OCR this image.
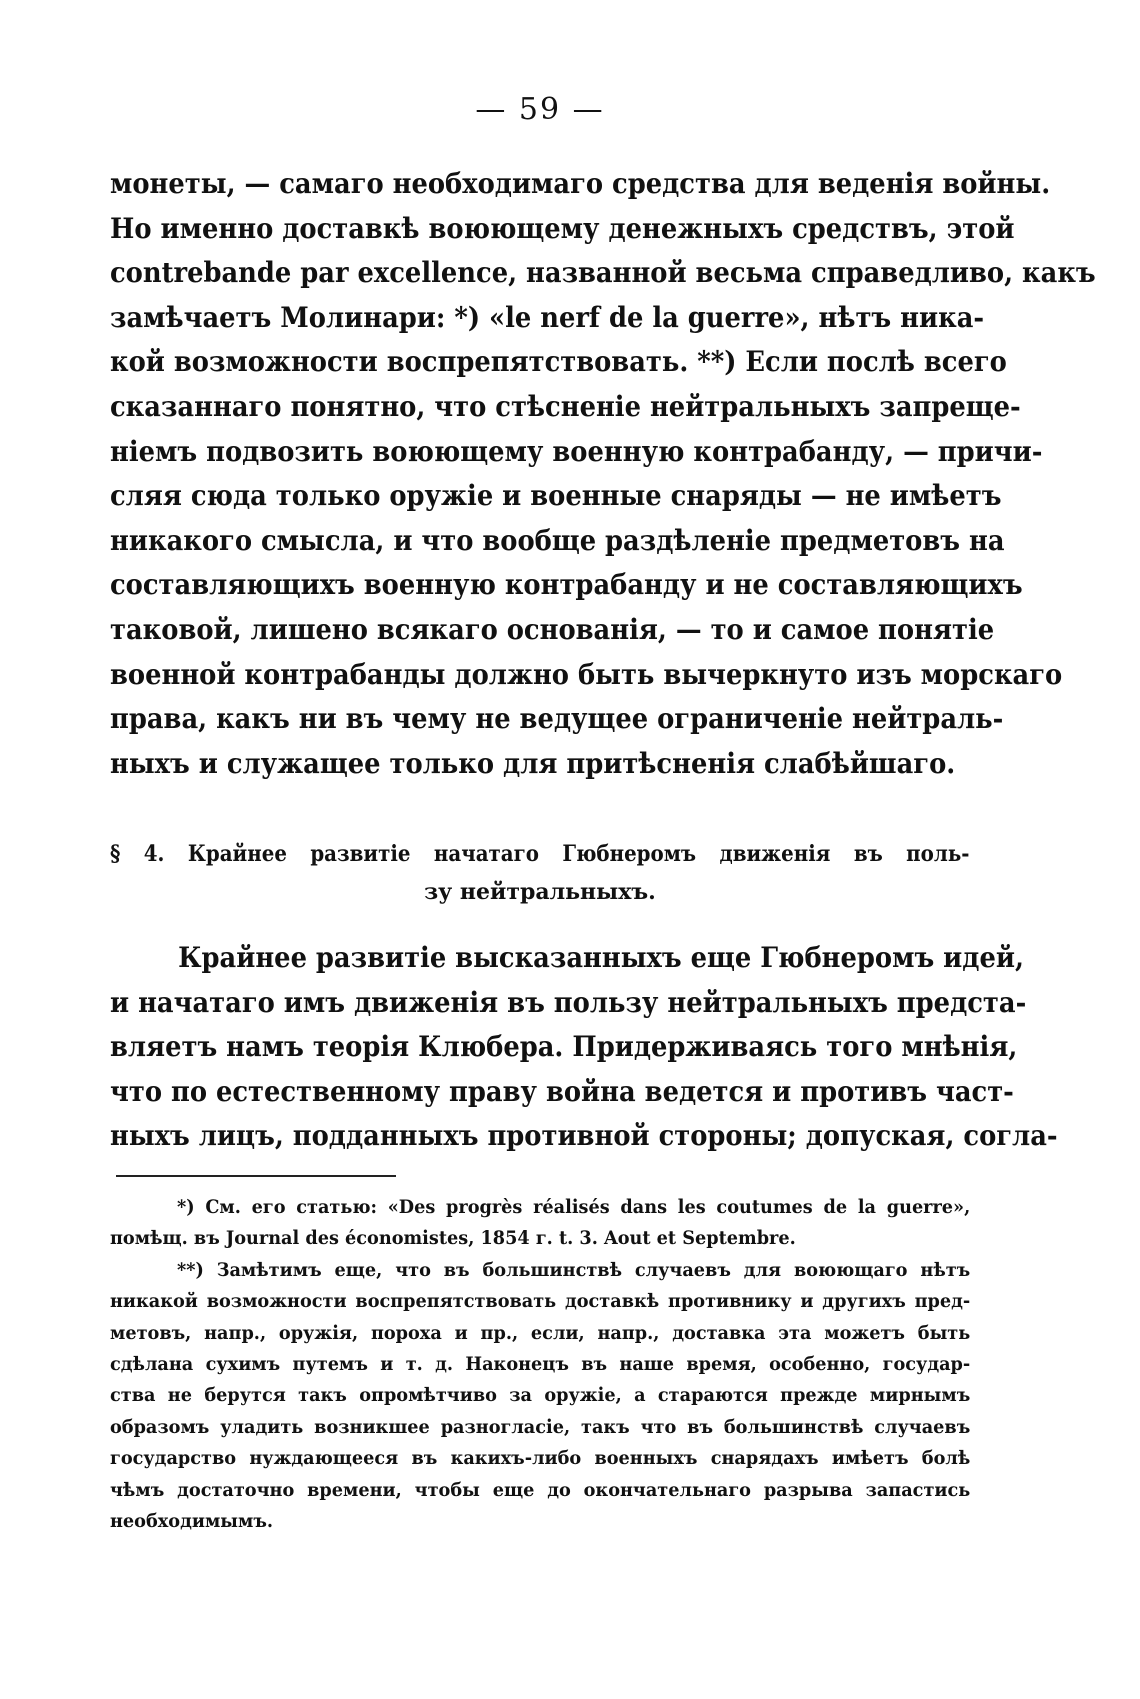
— 59 —
монеты, — самаго необходимаго средства для веденія войны.
Но именно доставкѣ воюющему денежныхъ средствъ, этой
contrebande par excellence, названной весьма справедливо, какъ
замѣчаетъ Молинари: *) «le nerf de la guerre», нѣтъ ника-
кой возможности воспрепятствовать. **) Если послѣ всего
сказаннаго понятно, что стѣсненіе нейтральныхъ запреще-
ніемъ подвозить воюющему военную контрабанду, — причи-
сляя сюда только оружіе и военные снаряды — не имѣетъ
никакого смысла, и что вообще раздѣленіе предметовъ на
составляющихъ военную контрабанду и не составляющихъ
таковой, лишено всякаго основанія, — то и самое понятіе
военной контрабанды должно быть вычеркнуто изъ морскаго
права, какъ ни въ чему не ведущее ограниченіе нейтраль-
ныхъ и служащее только для притѣсненія слабѣйшаго.
§ 4. Крайнее развитіе начатаго Гюбнеромъ движенія въ поль-
зу нейтральныхъ.
Крайнее развитіе высказанныхъ еще Гюбнеромъ идей,
и начатаго имъ движенія въ пользу нейтральныхъ предста-
вляетъ намъ теорія Клюбера. Придерживаясь того мнѣнія,
что по естественному праву война ведется и противъ част-
ныхъ лицъ, подданныхъ противной стороны; допуская, согла-
*) См. его статью: «Des progrès réalisés dans les coutumes de la guerre»,
помѣщ. въ Journal des économistes, 1854 г. t. 3. Aout et Septembre.
**) Замѣтимъ еще, что въ большинствѣ случаевъ для воюющаго нѣтъ
никакой возможности воспрепятствовать доставкѣ противнику и другихъ пред-
метовъ, напр., оружія, пороха и пр., если, напр., доставка эта можетъ быть
сдѣлана сухимъ путемъ и т. д. Наконецъ въ наше время, особенно, государ-
ства не берутся такъ опромѣтчиво за оружіе, а стараются прежде мирнымъ
образомъ уладить возникшее разногласіе, такъ что въ большинствѣ случаевъ
государство нуждающееся въ какихъ-либо военныхъ снарядахъ имѣетъ болѣ
чѣмъ достаточно времени, чтобы еще до окончательнаго разрыва запастись
необходимымъ.
